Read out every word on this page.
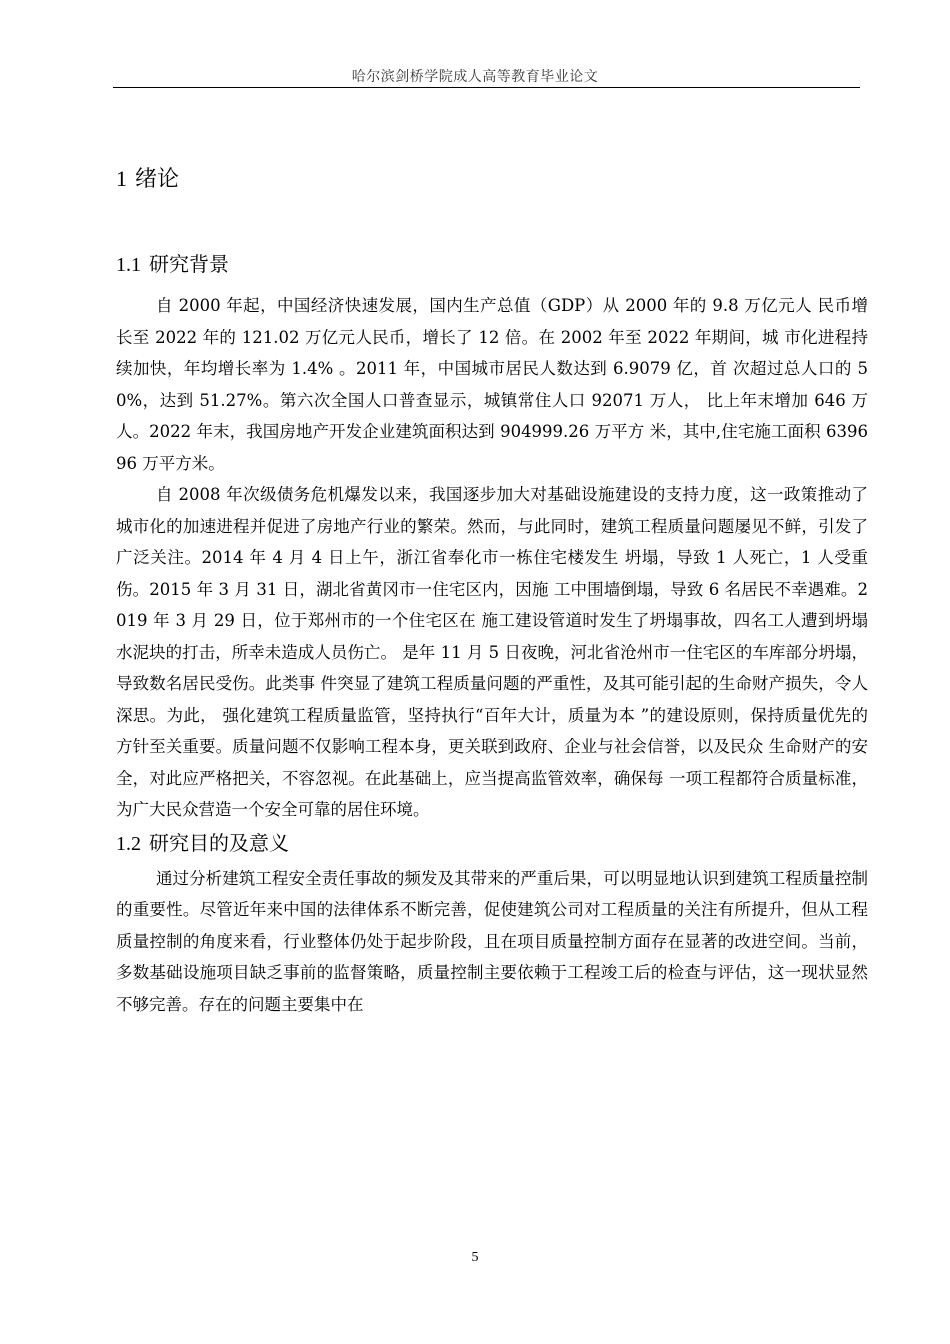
哈尔滨剑桥学院成人高等教育毕业论文
1 绪论
1.1 研究背景

自 2000 年起，中国经济快速发展，国内生产总值（GDP）从 2000 年的 9.8 万亿元人 民币增长至 2022 年的 121.02 万亿元人民币，增长了 12 倍。在 2002 年至 2022 年期间，城 市化进程持续加快，年均增长率为 1.4% 。2011 年，中国城市居民人数达到 6.9079 亿，首 次超过总人口的 50%，达到 51.27%。第六次全国人口普查显示，城镇常住人口 92071 万人， 比上年末增加 646 万人。2022 年末，我国房地产开发企业建筑面积达到 904999.26 万平方 米，其中,住宅施工面积 639696 万平方米。

自 2008 年次级债务危机爆发以来，我国逐步加大对基础设施建设的支持力度，这一政策推动了城市化的加速进程并促进了房地产行业的繁荣。然而，与此同时，建筑工程质量问题屡见不鲜，引发了广泛关注。2014 年 4 月 4 日上午，浙江省奉化市一栋住宅楼发生 坍塌，导致 1 人死亡，1 人受重伤。2015 年 3 月 31 日，湖北省黄冈市一住宅区内，因施 工中围墙倒塌，导致 6 名居民不幸遇难。2019 年 3 月 29 日，位于郑州市的一个住宅区在 施工建设管道时发生了坍塌事故，四名工人遭到坍塌水泥块的打击，所幸未造成人员伤亡。 是年 11 月 5 日夜晚，河北省沧州市一住宅区的车库部分坍塌，导致数名居民受伤。此类事 件突显了建筑工程质量问题的严重性，及其可能引起的生命财产损失，令人深思。为此， 强化建筑工程质量监管，坚持执行“百年大计，质量为本 ”的建设原则，保持质量优先的 方针至关重要。质量问题不仅影响工程本身，更关联到政府、企业与社会信誉，以及民众 生命财产的安全，对此应严格把关，不容忽视。在此基础上，应当提高监管效率，确保每 一项工程都符合质量标准，为广大民众营造一个安全可靠的居住环境。

1.2 研究目的及意义

通过分析建筑工程安全责任事故的频发及其带来的严重后果，可以明显地认识到建筑工程质量控制的重要性。尽管近年来中国的法律体系不断完善，促使建筑公司对工程质量的关注有所提升，但从工程质量控制的角度来看，行业整体仍处于起步阶段，且在项目质量控制方面存在显著的改进空间。当前，多数基础设施项目缺乏事前的监督策略，质量控制主要依赖于工程竣工后的检查与评估，这一现状显然不够完善。存在的问题主要集中在

5
